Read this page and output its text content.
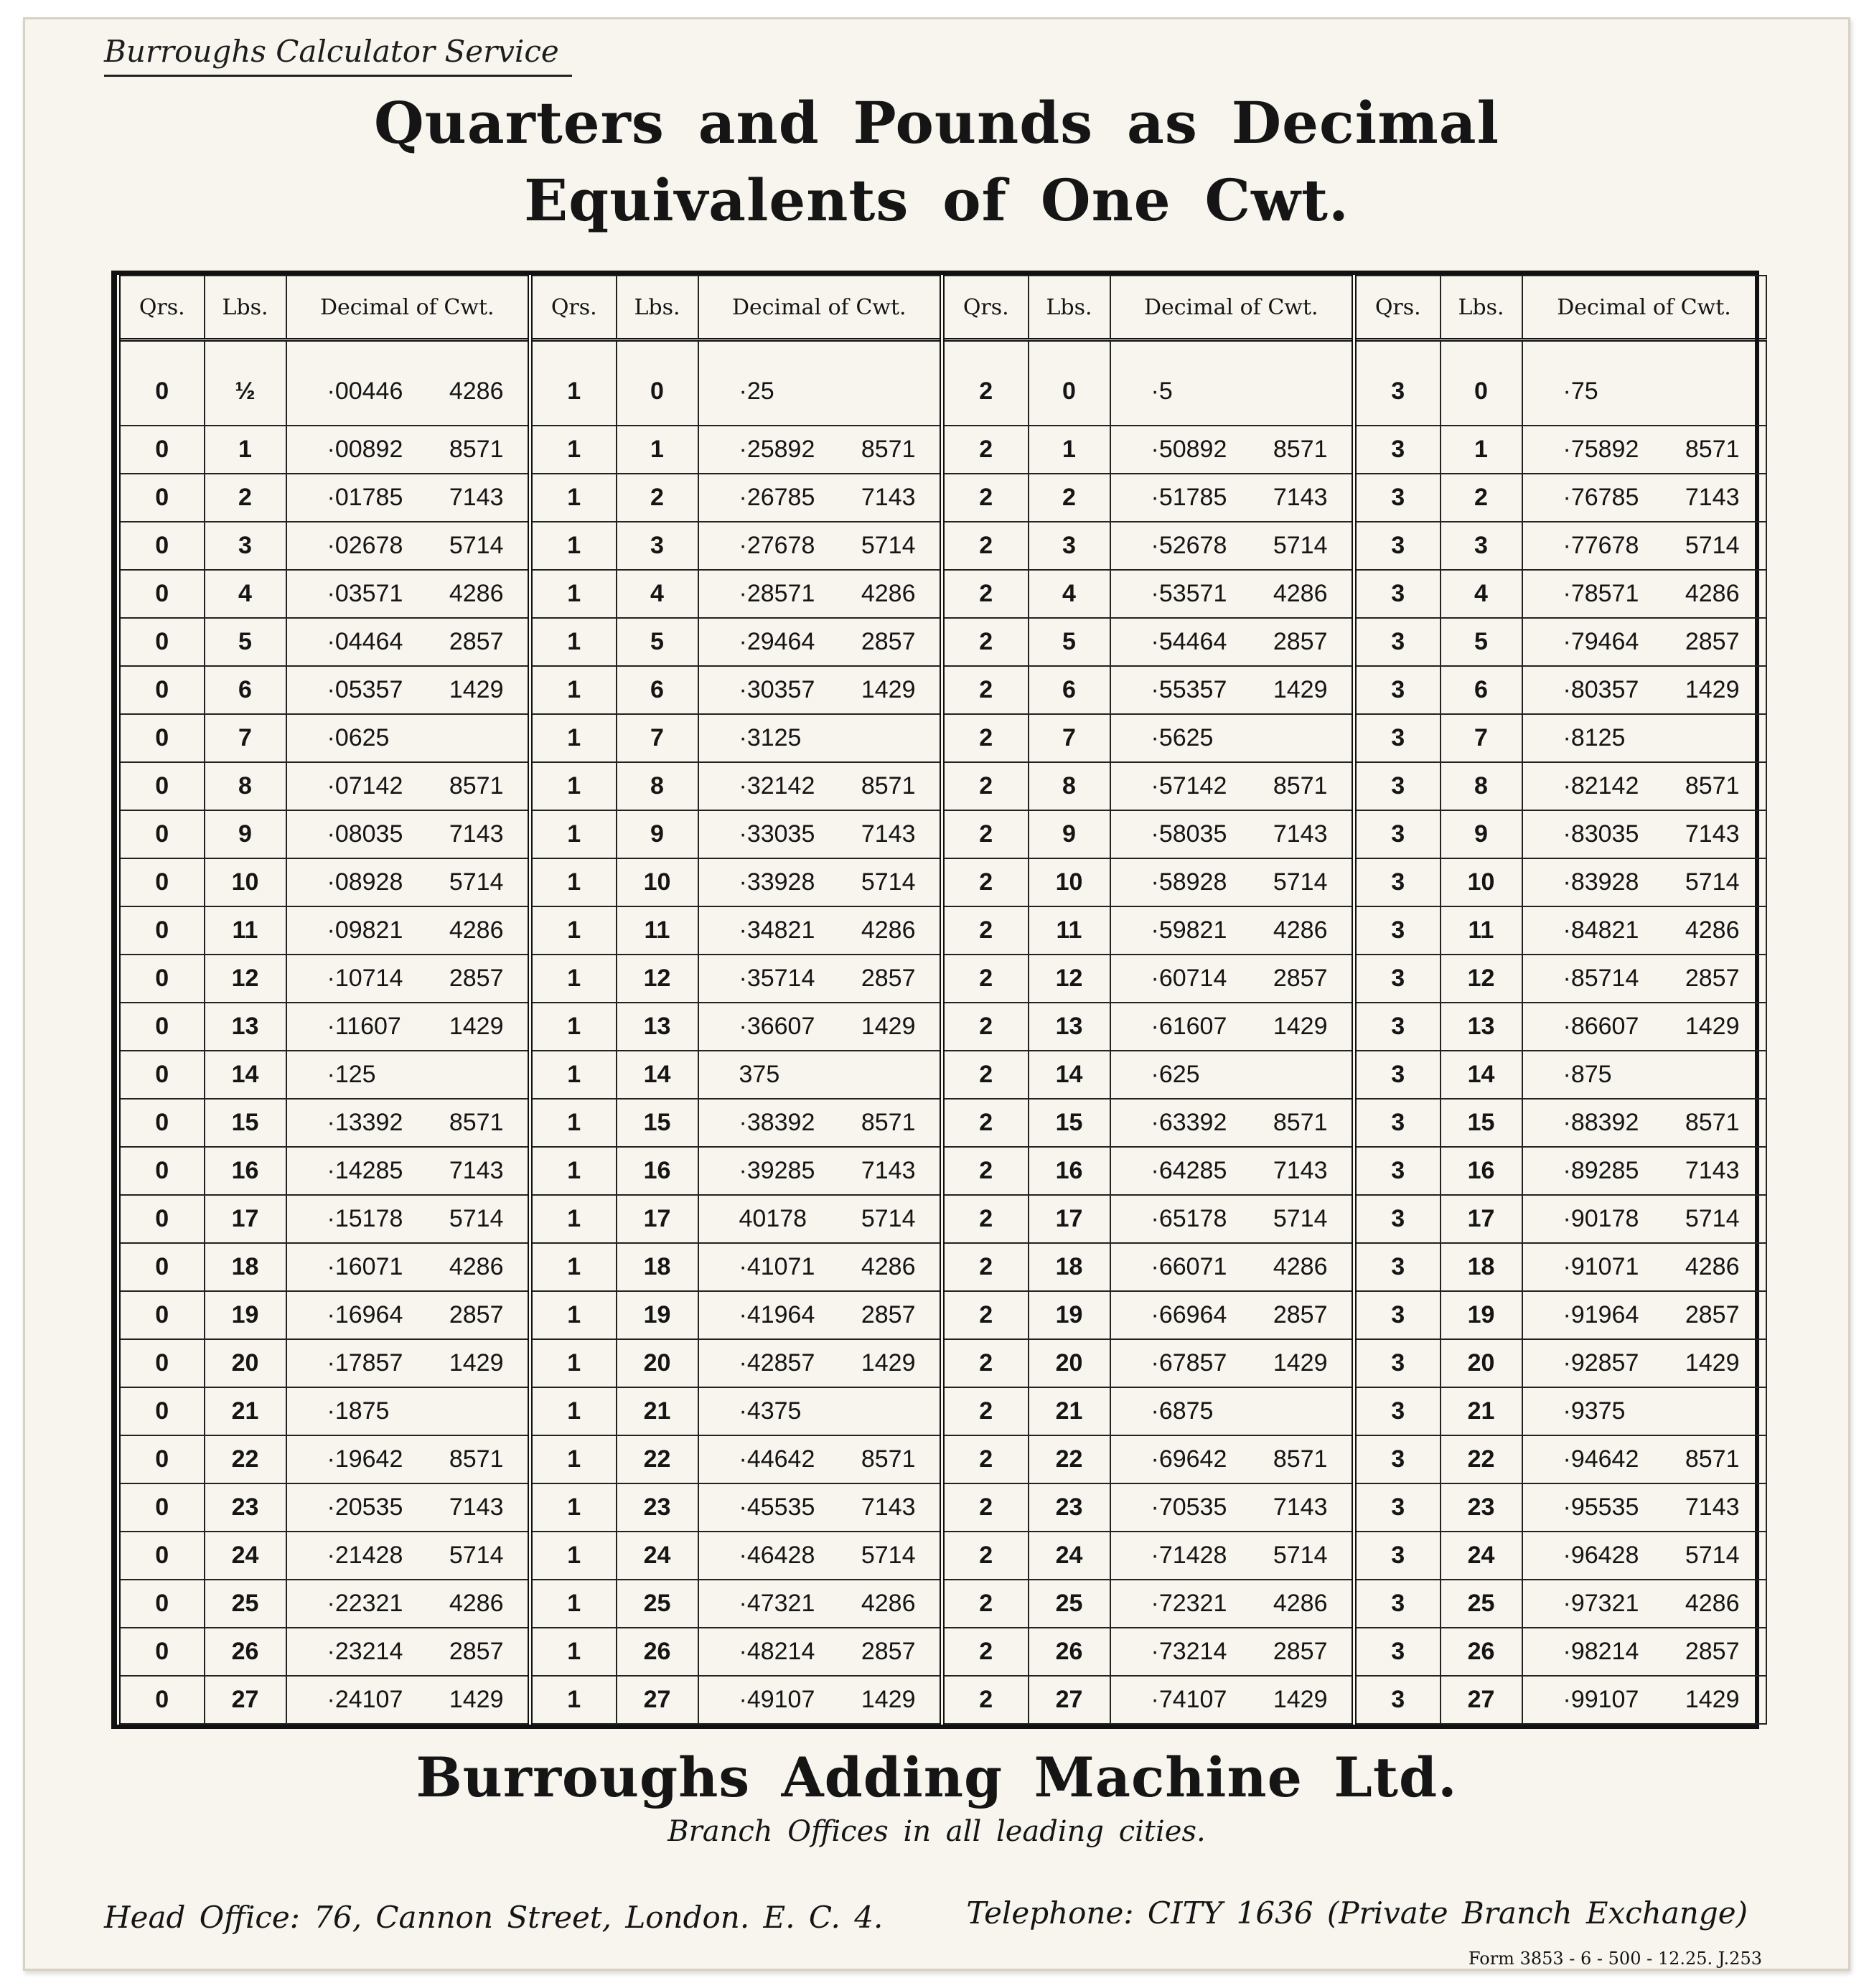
Burroughs Calculator Service
Quarters and Pounds as Decimal
Equivalents of One Cwt.
Qrs.	Lbs.	Decimal of Cwt.	Qrs.	Lbs.	Decimal of Cwt.	Qrs.	Lbs.	Decimal of Cwt.	Qrs.	Lbs.	Decimal of Cwt.
0	½	·00446 4286	1	0	·25	2	0	·5	3	0	·75
0	1	·00892 8571	1	1	·25892 8571	2	1	·50892 8571	3	1	·75892 8571
0	2	·01785 7143	1	2	·26785 7143	2	2	·51785 7143	3	2	·76785 7143
0	3	·02678 5714	1	3	·27678 5714	2	3	·52678 5714	3	3	·77678 5714
0	4	·03571 4286	1	4	·28571 4286	2	4	·53571 4286	3	4	·78571 4286
0	5	·04464 2857	1	5	·29464 2857	2	5	·54464 2857	3	5	·79464 2857
0	6	·05357 1429	1	6	·30357 1429	2	6	·55357 1429	3	6	·80357 1429
0	7	·0625	1	7	·3125	2	7	·5625	3	7	·8125
0	8	·07142 8571	1	8	·32142 8571	2	8	·57142 8571	3	8	·82142 8571
0	9	·08035 7143	1	9	·33035 7143	2	9	·58035 7143	3	9	·83035 7143
0	10	·08928 5714	1	10	·33928 5714	2	10	·58928 5714	3	10	·83928 5714
0	11	·09821 4286	1	11	·34821 4286	2	11	·59821 4286	3	11	·84821 4286
0	12	·10714 2857	1	12	·35714 2857	2	12	·60714 2857	3	12	·85714 2857
0	13	·11607 1429	1	13	·36607 1429	2	13	·61607 1429	3	13	·86607 1429
0	14	·125	1	14	375	2	14	·625	3	14	·875
0	15	·13392 8571	1	15	·38392 8571	2	15	·63392 8571	3	15	·88392 8571
0	16	·14285 7143	1	16	·39285 7143	2	16	·64285 7143	3	16	·89285 7143
0	17	·15178 5714	1	17	40178 5714	2	17	·65178 5714	3	17	·90178 5714
0	18	·16071 4286	1	18	·41071 4286	2	18	·66071 4286	3	18	·91071 4286
0	19	·16964 2857	1	19	·41964 2857	2	19	·66964 2857	3	19	·91964 2857
0	20	·17857 1429	1	20	·42857 1429	2	20	·67857 1429	3	20	·92857 1429
0	21	·1875	1	21	·4375	2	21	·6875	3	21	·9375
0	22	·19642 8571	1	22	·44642 8571	2	22	·69642 8571	3	22	·94642 8571
0	23	·20535 7143	1	23	·45535 7143	2	23	·70535 7143	3	23	·95535 7143
0	24	·21428 5714	1	24	·46428 5714	2	24	·71428 5714	3	24	·96428 5714
0	25	·22321 4286	1	25	·47321 4286	2	25	·72321 4286	3	25	·97321 4286
0	26	·23214 2857	1	26	·48214 2857	2	26	·73214 2857	3	26	·98214 2857
0	27	·24107 1429	1	27	·49107 1429	2	27	·74107 1429	3	27	·99107 1429
Burroughs Adding Machine Ltd.
Branch Offices in all leading cities.
Head Office: 76, Cannon Street, London. E. C. 4.	Telephone: CITY 1636 (Private Branch Exchange)
Form 3853 - 6 - 500 - 12.25. J.253
